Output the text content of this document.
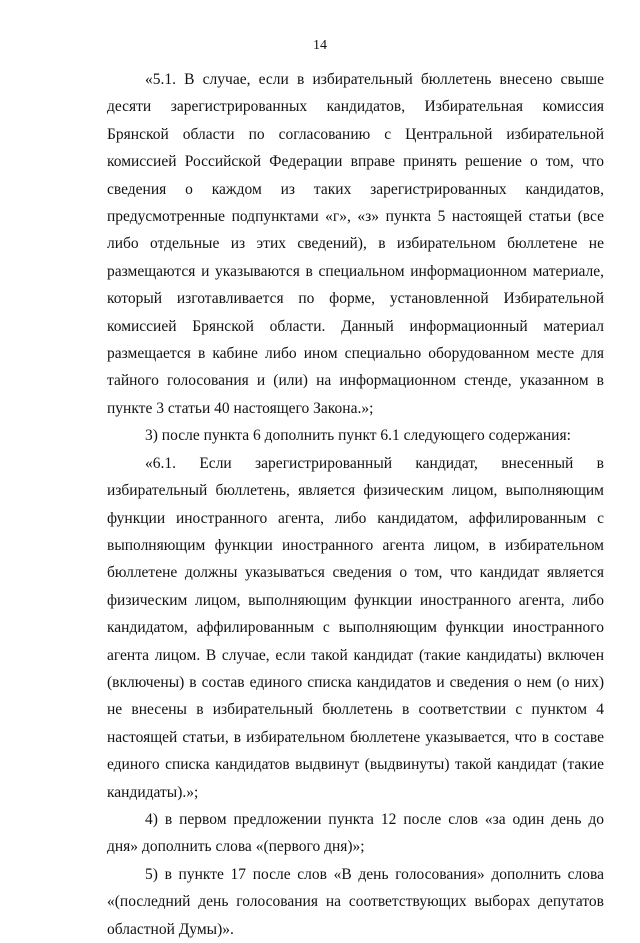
14

«5.1. В случае, если в избирательный бюллетень внесено свыше десяти зарегистрированных кандидатов, Избирательная комиссия Брянской области по согласованию с Центральной избирательной комиссией Российской Федерации вправе принять решение о том, что сведения о каждом из таких зарегистрированных кандидатов, предусмотренные подпунктами «г», «з» пункта 5 настоящей статьи (все либо отдельные из этих сведений), в избирательном бюллетене не размещаются и указываются в специальном информационном материале, который изготавливается по форме, установленной Избирательной комиссией Брянской области. Данный информационный материал размещается в кабине либо ином специально оборудованном месте для тайного голосования и (или) на информационном стенде, указанном в пункте 3 статьи 40 настоящего Закона.»;

3) после пункта 6 дополнить пункт 6.1 следующего содержания:

«6.1. Если зарегистрированный кандидат, внесенный в избирательный бюллетень, является физическим лицом, выполняющим функции иностранного агента, либо кандидатом, аффилированным с выполняющим функции иностранного агента лицом, в избирательном бюллетене должны указываться сведения о том, что кандидат является физическим лицом, выполняющим функции иностранного агента, либо кандидатом, аффилированным с выполняющим функции иностранного агента лицом. В случае, если такой кандидат (такие кандидаты) включен (включены) в состав единого списка кандидатов и сведения о нем (о них) не внесены в избирательный бюллетень в соответствии с пунктом 4 настоящей статьи, в избирательном бюллетене указывается, что в составе единого списка кандидатов выдвинут (выдвинуты) такой кандидат (такие кандидаты).»;

4) в первом предложении пункта 12 после слов «за один день до дня» дополнить слова «(первого дня)»;

5) в пункте 17 после слов «В день голосования» дополнить слова «(последний день голосования на соответствующих выборах депутатов областной Думы)».
